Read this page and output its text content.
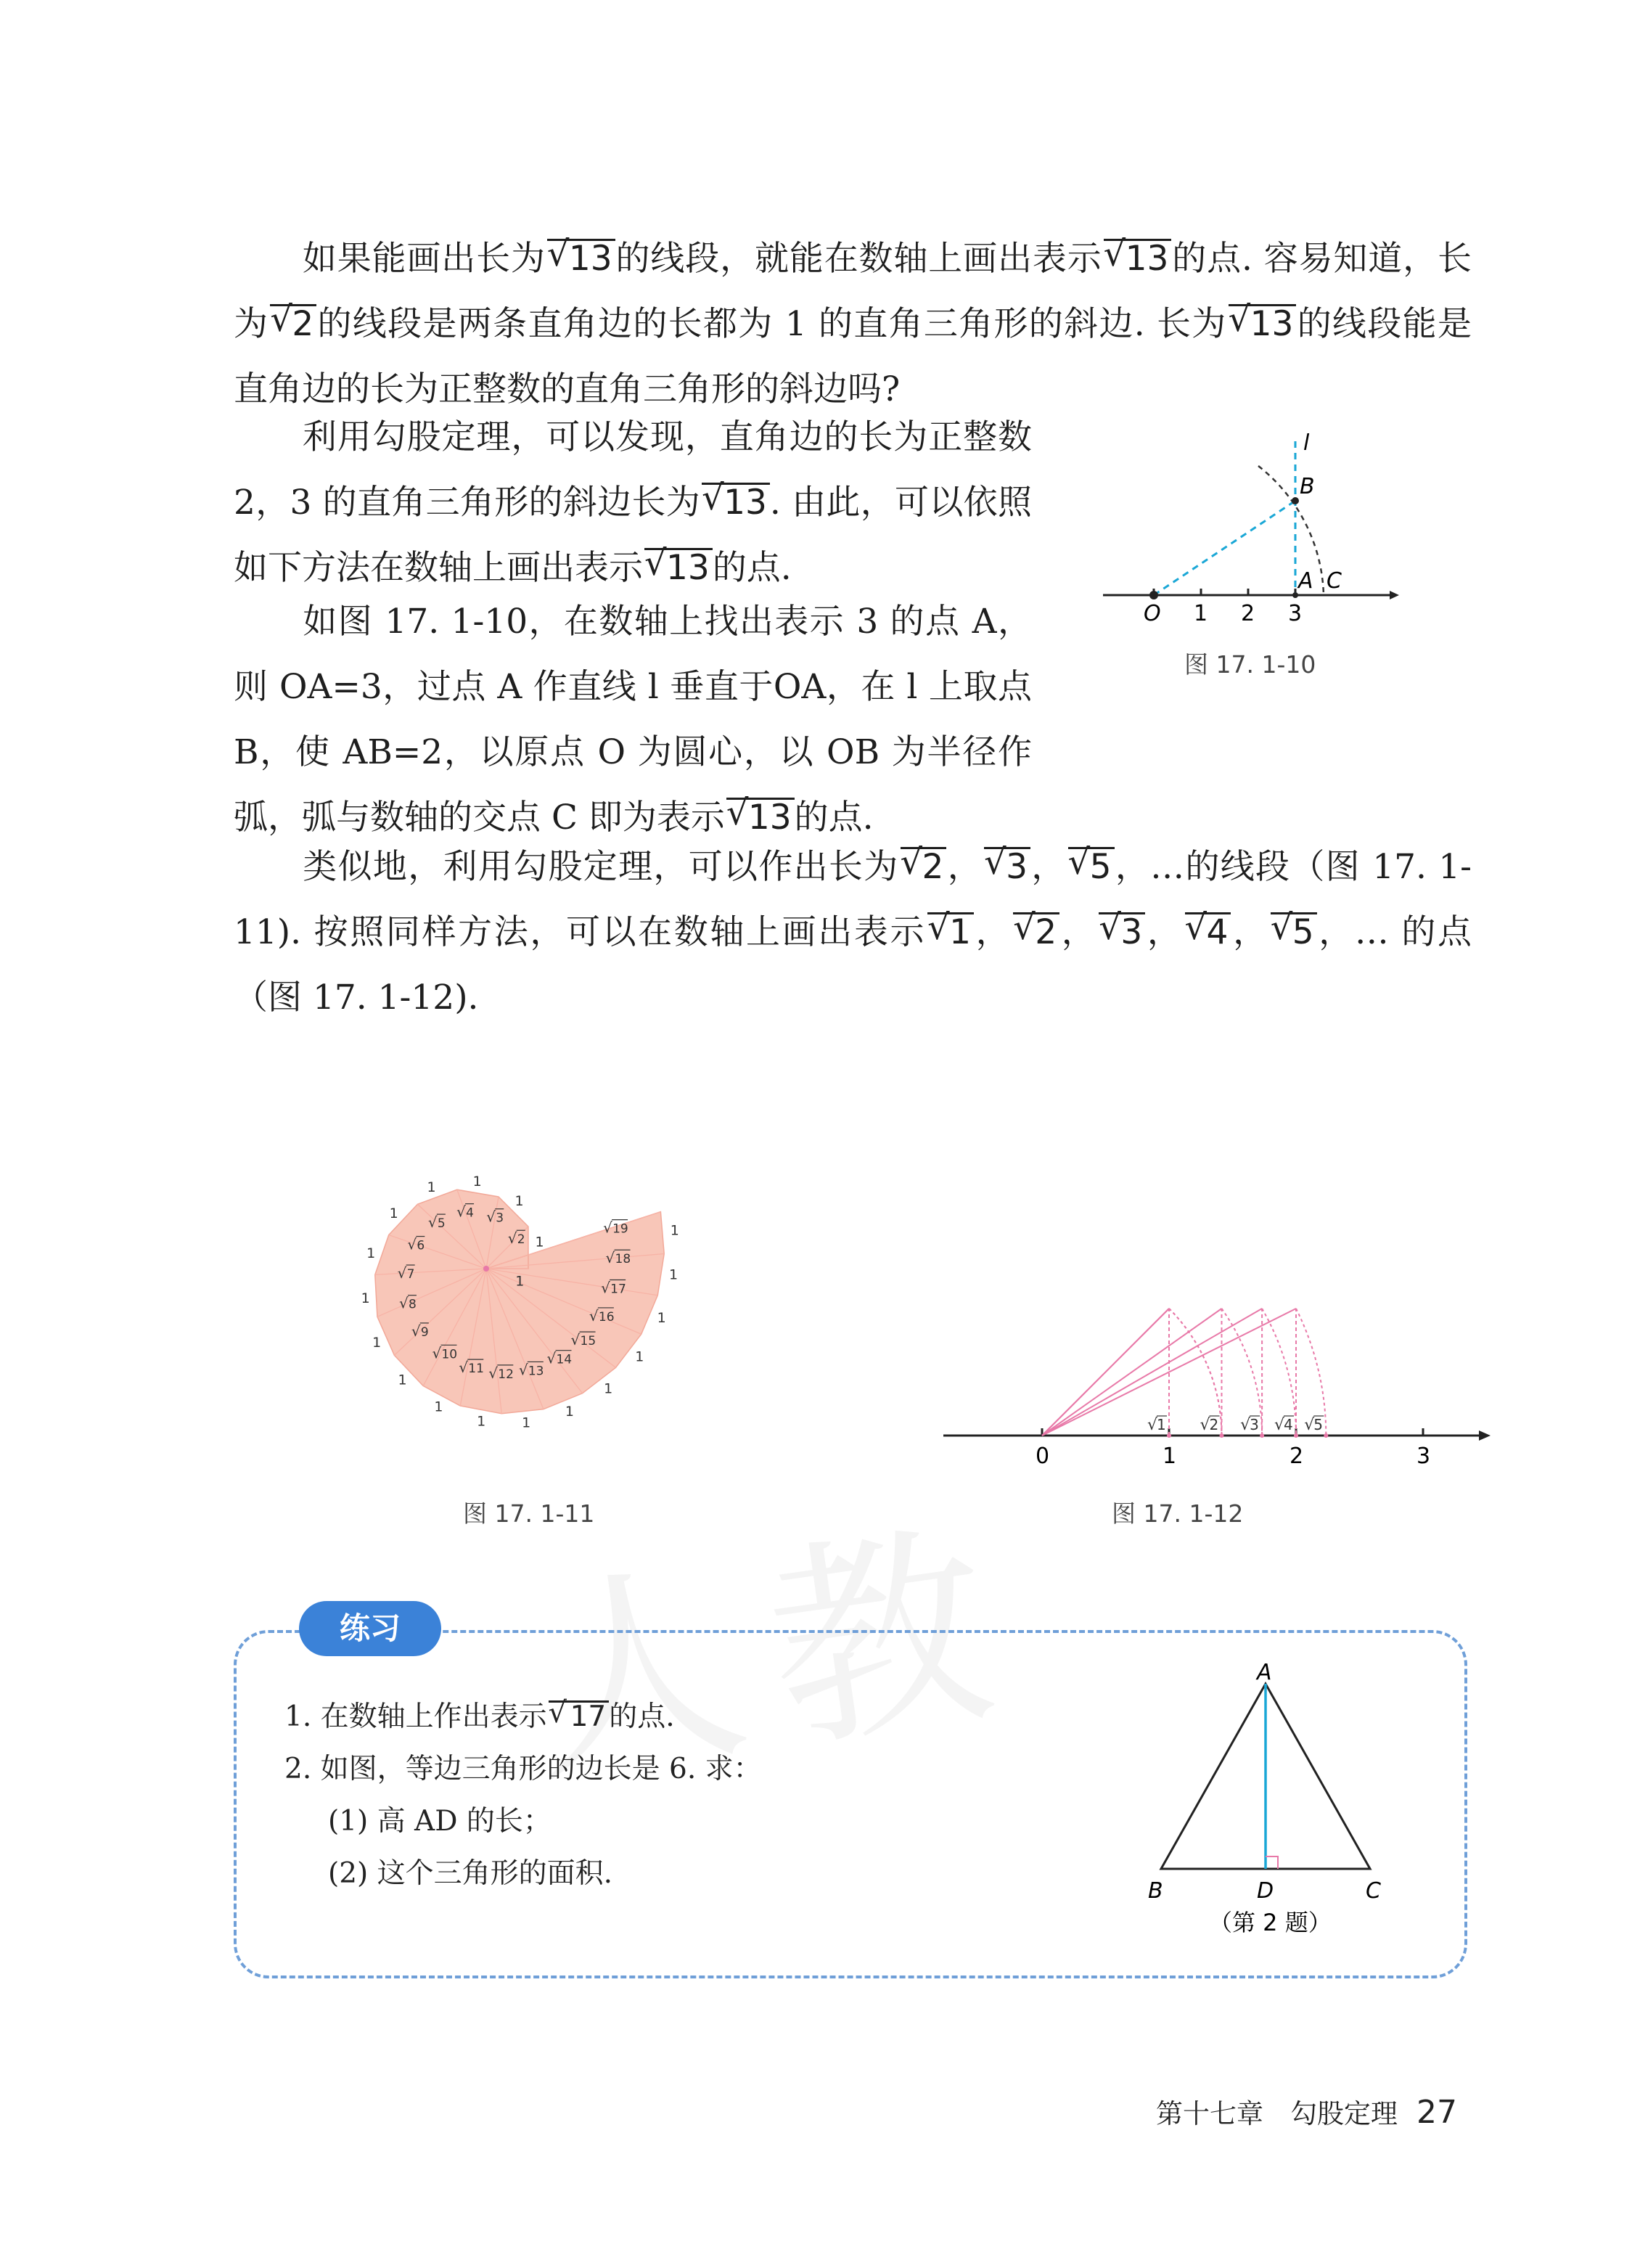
如果能画出长为 √ 13的线段，就能在数轴上画出表示 √ 13的点. 容易知道，长为 √ 2的线段是两条直角边的长都为 1 的直角三角形的斜边. 长为 √ 13的线段能是直角边的长为正整数的直角三角形的斜边吗?

利用勾股定理，可以发现，直角边的长为正整数 2，3 的直角三角形的斜边长为 √ 13. 由此，可以依照如下方法在数轴上画出表示 √ 13的点.

如图 17. 1-10，在数轴上找出表示 3 的点 A，则 OA=3，过点 A 作直线 l 垂直于OA，在 l 上取点 B，使 AB=2，以原点 O 为圆心，以 OB 为半径作弧，弧与数轴的交点 C 即为表示 √ 13的点.

类似地，利用勾股定理，可以作出长为 √ 2， √ 3， √ 5，…的线段（图 17. 1-11). 按照同样方法，可以在数轴上画出表示 √ 1， √ 2， √ 3， √ 4， √ 5，… 的点（图 17. 1-12).

l
B
A C
O 1 2 3
图 17. 1-10
1
1
1
1
1
1
1
1
1
1
1
1	1
1
1
1
1
1
1
√ 2
√ 3
√ 4
√ 5
√ 6
√ 7
√ 8
√ 9
√ 10
√ 11 √ 12 √ 13
√ 14
√ 15
√ 16
√ 17
√ 18
√ 19
图 17. 1-11
0	1	2	3
√
1 √
2 √
3 √
4 √
5
图 17. 1-12
练习
1. 在数轴上作出表示 √ 17 的点.
2. 如图，等边三角形的边长是 6. 求：
(1) 高 AD 的长；
(2) 这个三角形的面积.
A
B	D	C
（第 2 题）
第十七章　勾股定理 27
